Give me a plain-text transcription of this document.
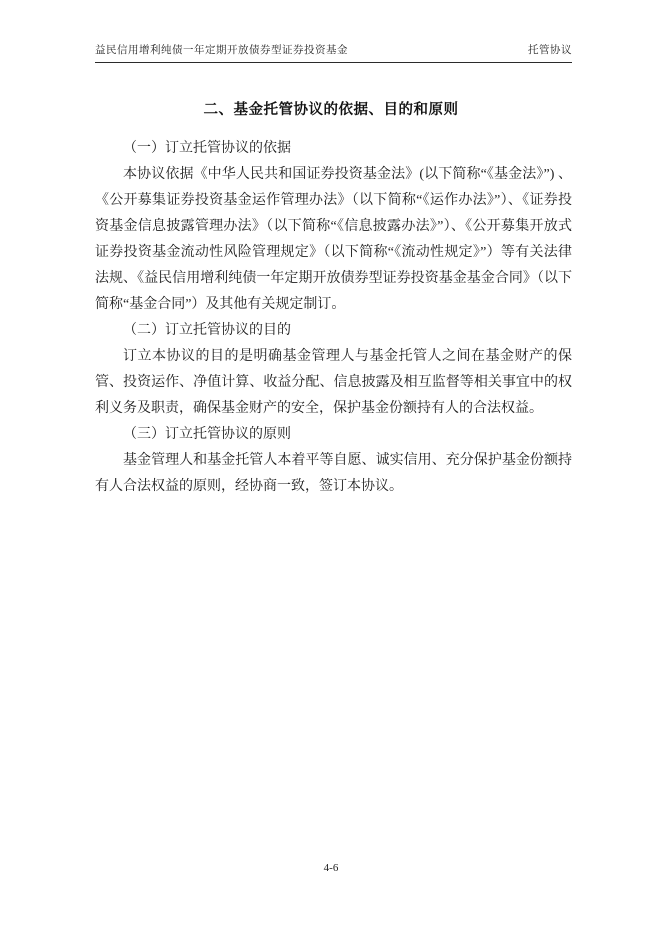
益民信用增利纯债一年定期开放债券型证券投资基金	托管协议
二、基金托管协议的依据、目的和原则

（一）订立托管协议的依据

本协议依据《中华人民共和国证券投资基金法》(以下简称“《基金法》”) 、《公开募集证券投资基金运作管理办法》（以下简称“《运作办法》”）、《证券投资基金信息披露管理办法》（以下简称“《信息披露办法》”）、《公开募集开放式证券投资基金流动性风险管理规定》（以下简称“《流动性规定》”）等有关法律法规、《益民信用增利纯债一年定期开放债券型证券投资基金基金合同》（以下简称“基金合同”）及其他有关规定制订。

（二）订立托管协议的目的

订立本协议的目的是明确基金管理人与基金托管人之间在基金财产的保管、投资运作、净值计算、收益分配、信息披露及相互监督等相关事宜中的权利义务及职责，确保基金财产的安全，保护基金份额持有人的合法权益。

（三）订立托管协议的原则

基金管理人和基金托管人本着平等自愿、诚实信用、充分保护基金份额持有人合法权益的原则，经协商一致，签订本协议。

4-6
